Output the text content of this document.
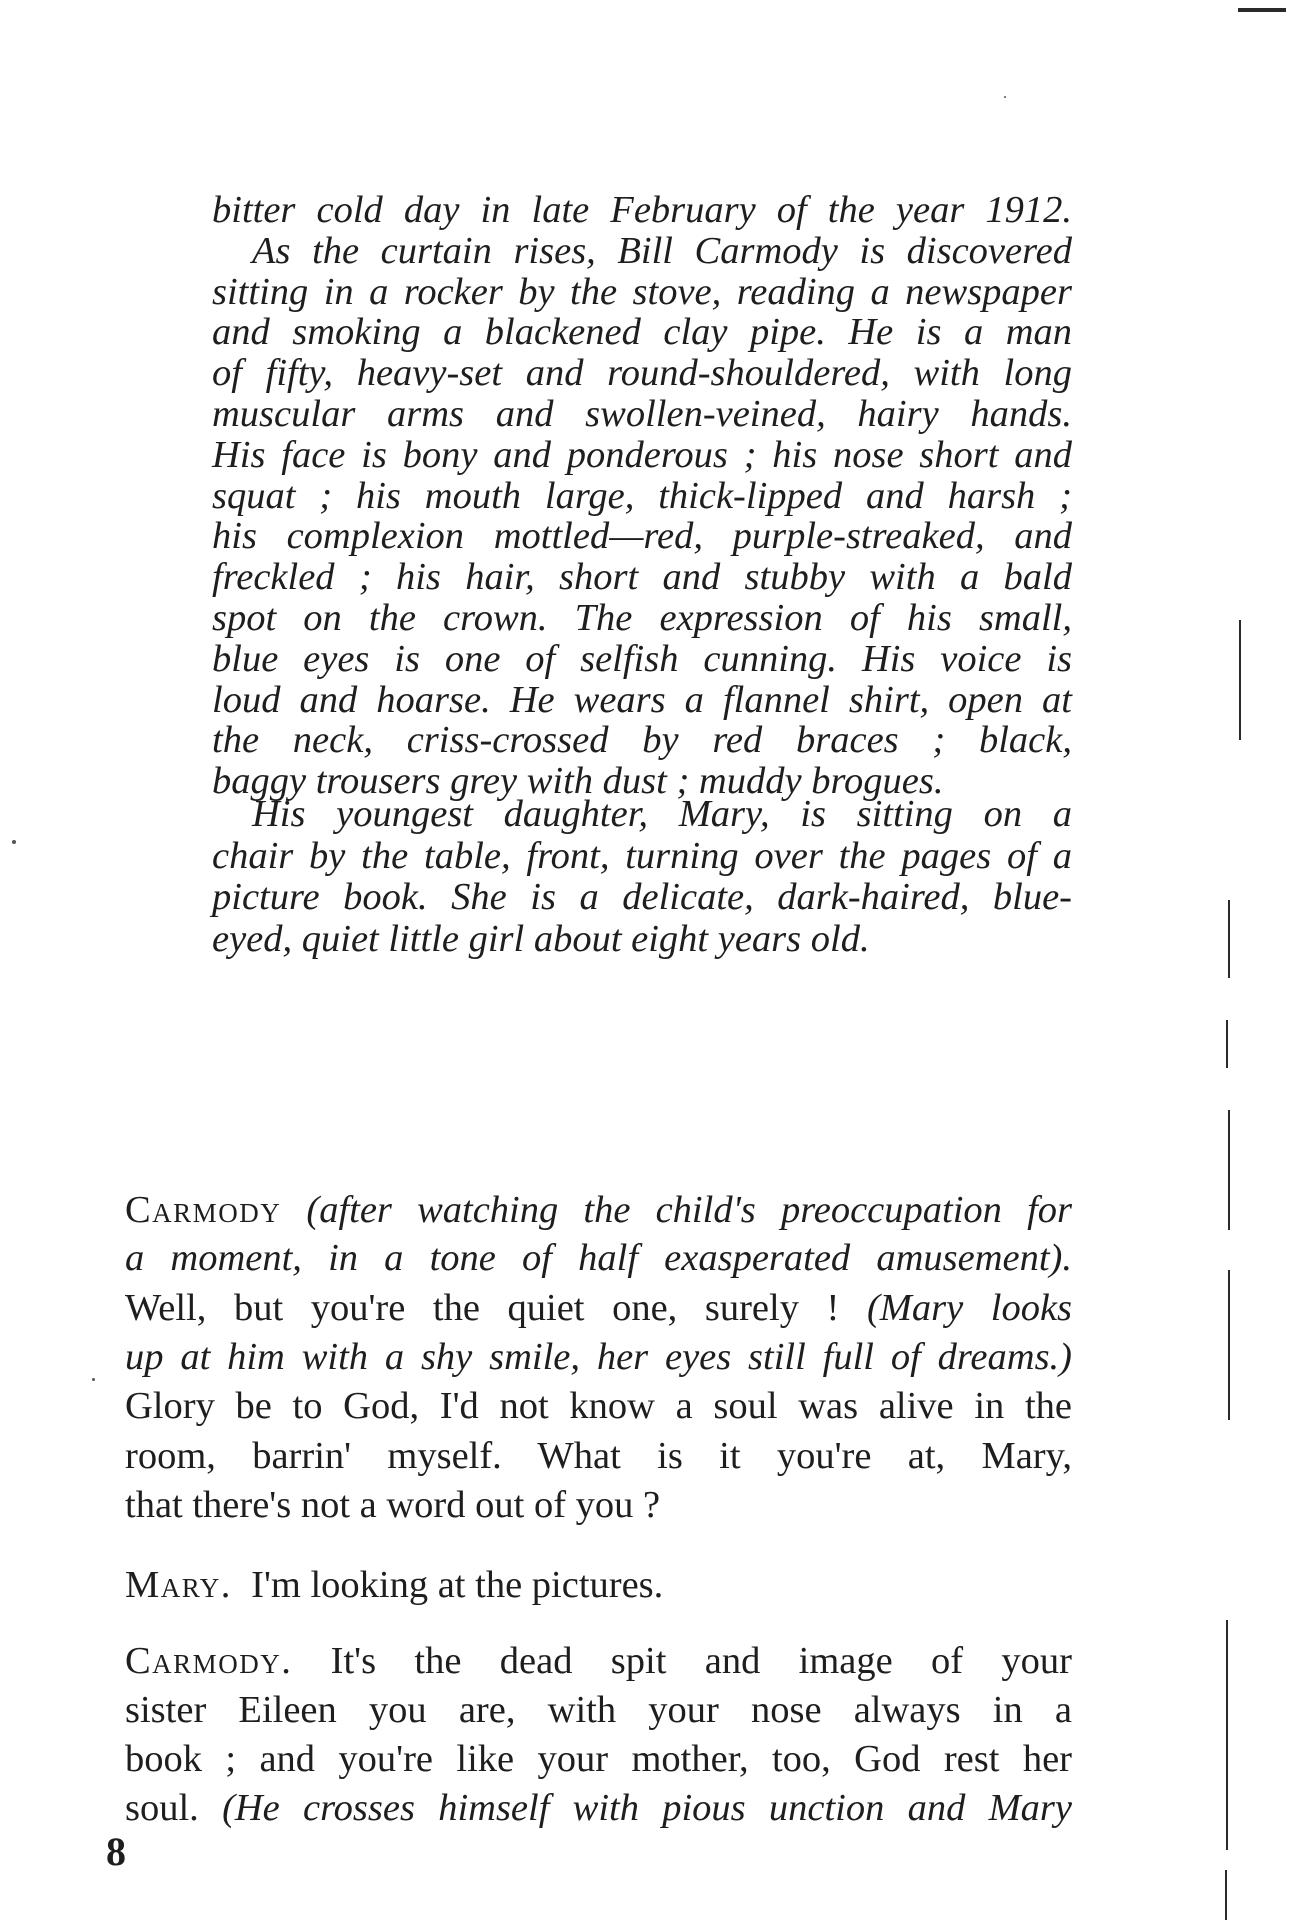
bitter cold day in late February of the year 1912.
As the curtain rises, Bill Carmody is discovered
sitting in a rocker by the stove, reading a newspaper
and smoking a blackened clay pipe. He is a man
of fifty, heavy-set and round-shouldered, with long
muscular arms and swollen-veined, hairy hands.
His face is bony and ponderous ; his nose short and
squat ; his mouth large, thick-lipped and harsh ;
his complexion mottled—red, purple-streaked, and
freckled ; his hair, short and stubby with a bald
spot on the crown. The expression of his small,
blue eyes is one of selfish cunning. His voice is
loud and hoarse. He wears a flannel shirt, open at
the neck, criss-crossed by red braces ; black,
baggy trousers grey with dust ; muddy brogues.
His youngest daughter, Mary, is sitting on a
chair by the table, front, turning over the pages of a
picture book. She is a delicate, dark-haired, blue-
eyed, quiet little girl about eight years old.
Carmody (after watching the child's preoccupation for
a moment, in a tone of half exasperated amusement).
Well, but you're the quiet one, surely ! (Mary looks
up at him with a shy smile, her eyes still full of dreams.)
Glory be to God, I'd not know a soul was alive in the
room, barrin' myself. What is it you're at, Mary,
that there's not a word out of you ?
Mary. I'm looking at the pictures.
Carmody. It's the dead spit and image of your
sister Eileen you are, with your nose always in a
book ; and you're like your mother, too, God rest her
soul. (He crosses himself with pious unction and Mary
8
